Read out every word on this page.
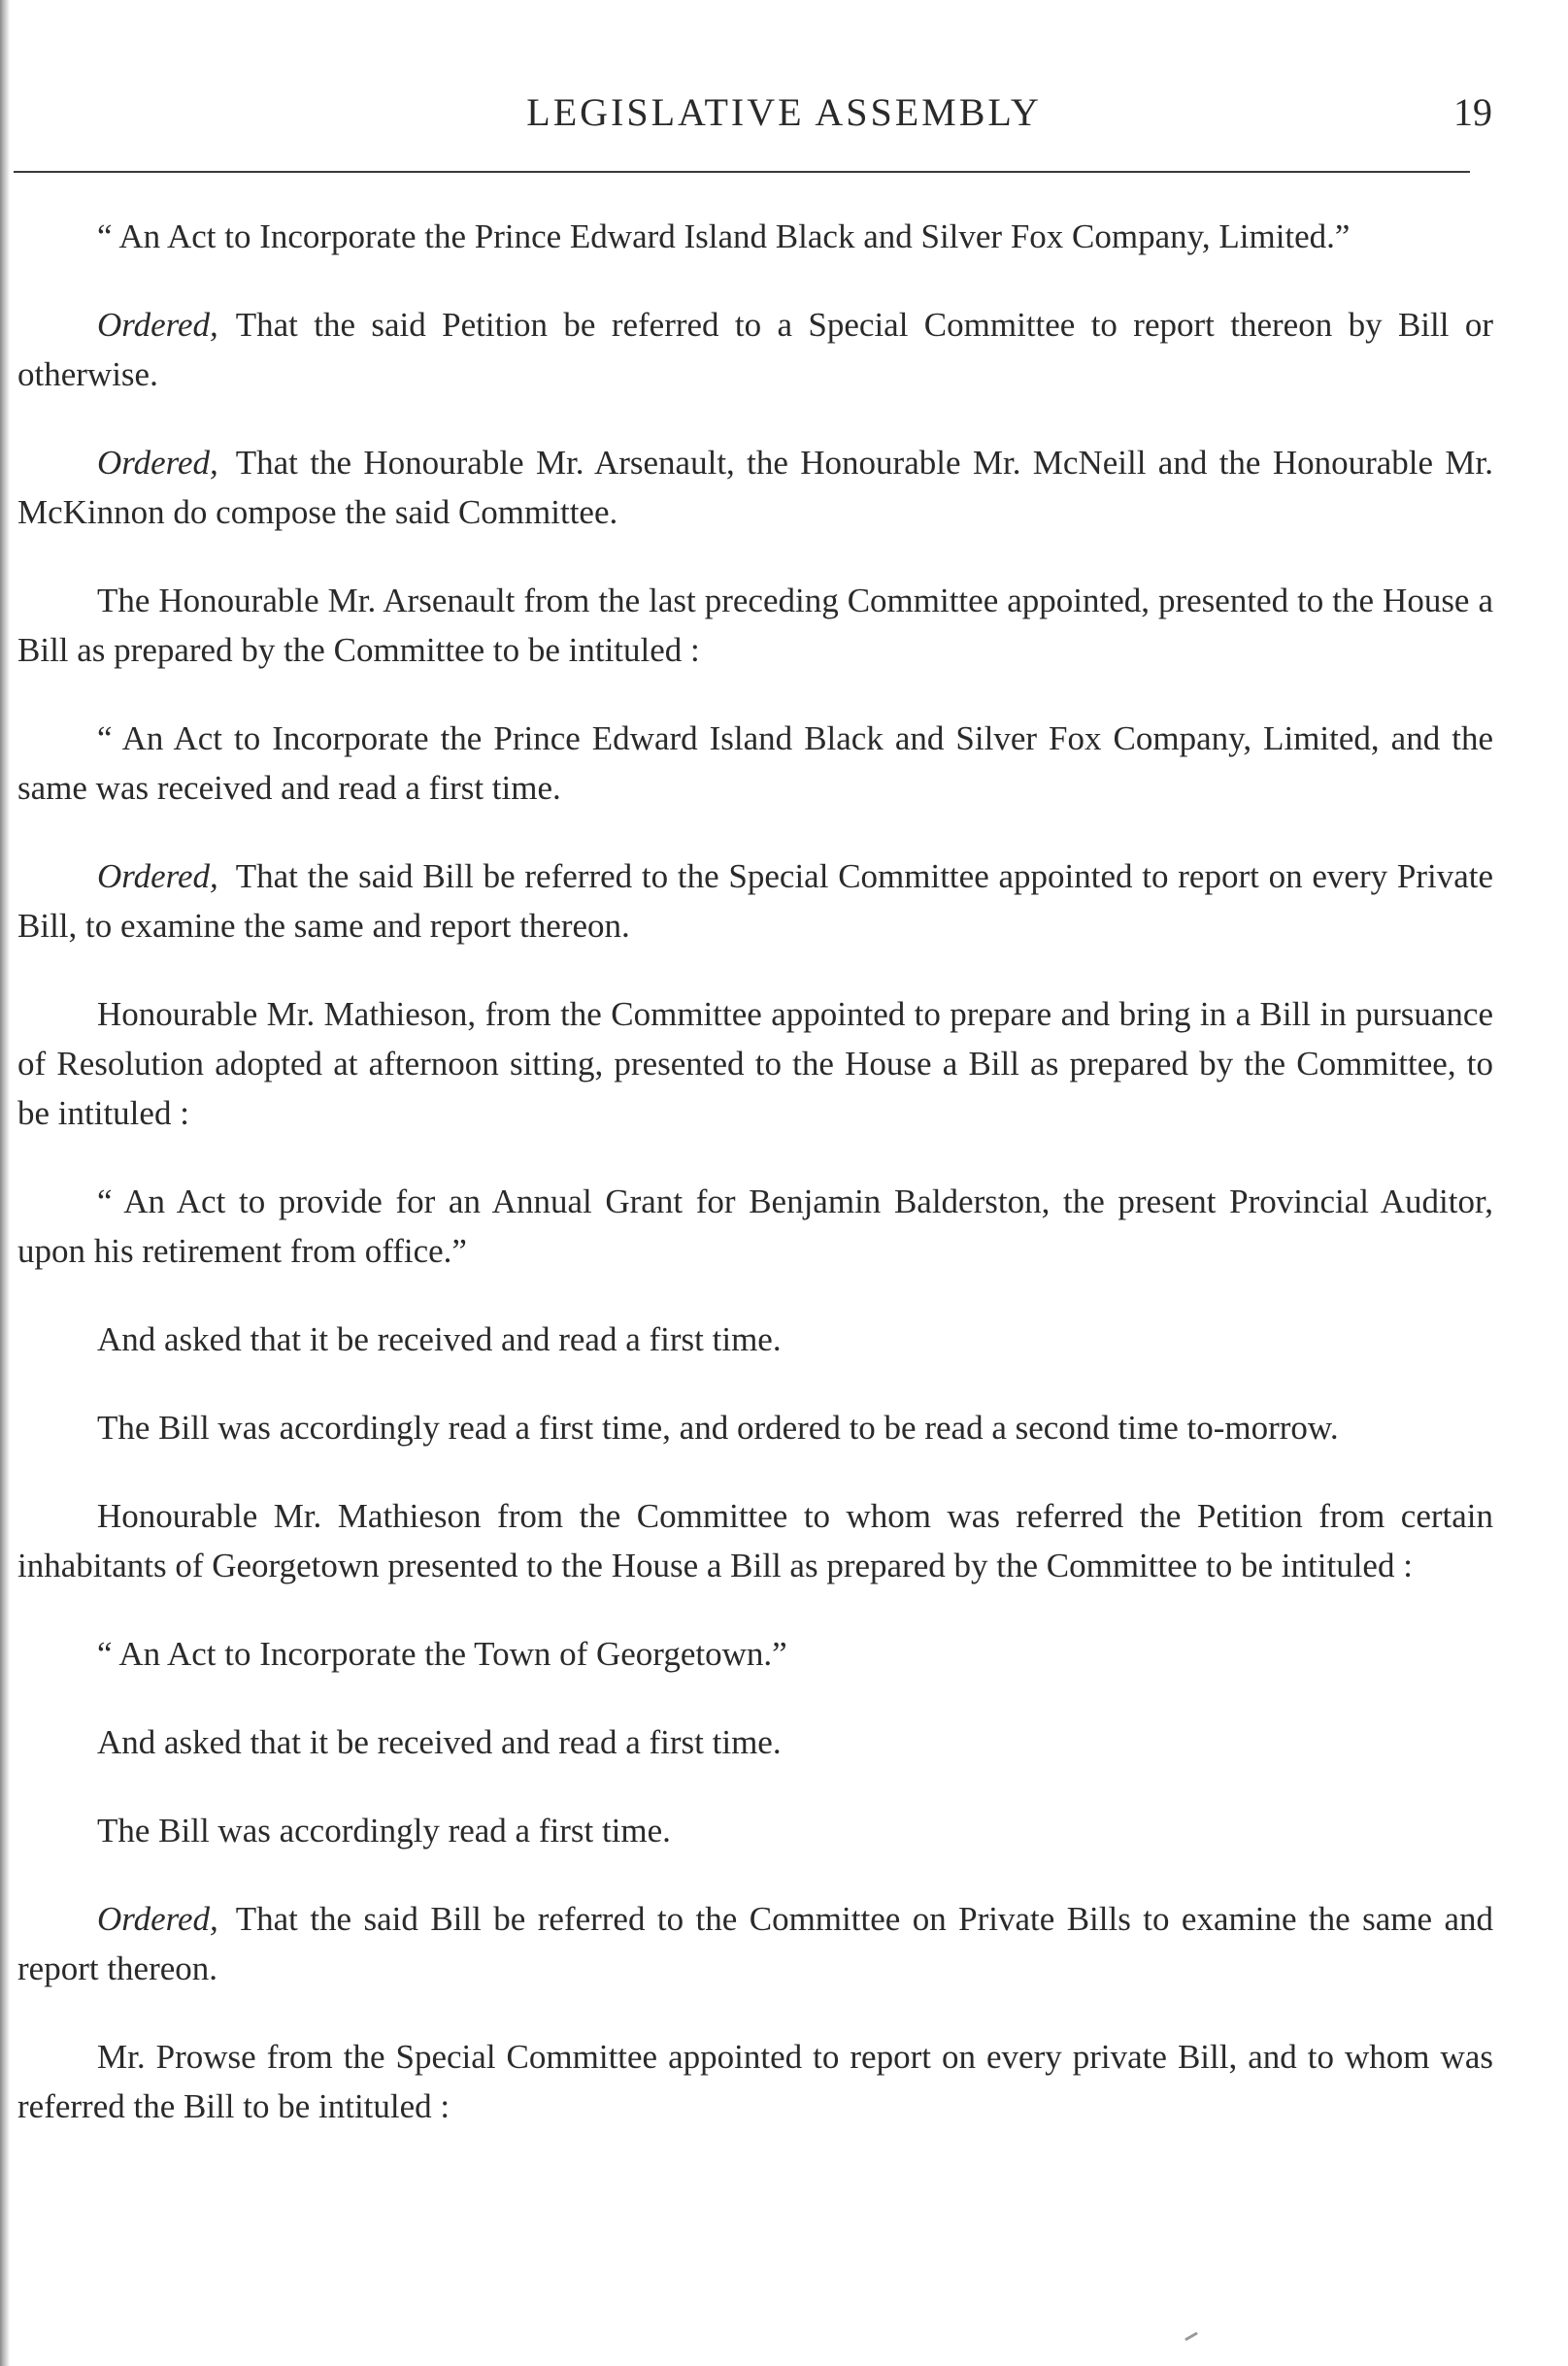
LEGISLATIVE ASSEMBLY	19

“ An Act to Incorporate the Prince Edward Island Black and Silver Fox Company, Limited.”

Ordered, That the said Petition be referred to a Special Committee to report thereon by Bill or otherwise.

Ordered, That the Honourable Mr. Arsenault, the Honourable Mr. McNeill and the Honourable Mr. McKinnon do compose the said Committee.

The Honourable Mr. Arsenault from the last preceding Committee appointed, presented to the House a Bill as prepared by the Committee to be intituled :

“ An Act to Incorporate the Prince Edward Island Black and Silver Fox Company, Limited, and the same was received and read a first time.

Ordered, That the said Bill be referred to the Special Committee appointed to report on every Private Bill, to examine the same and report thereon.

Honourable Mr. Mathieson, from the Committee appointed to prepare and bring in a Bill in pursuance of Resolution adopted at afternoon sitting, presented to the House a Bill as prepared by the Committee, to be intituled :

“ An Act to provide for an Annual Grant for Benjamin Balderston, the present Provincial Auditor, upon his retirement from office.”

And asked that it be received and read a first time.

The Bill was accordingly read a first time, and ordered to be read a second time to-morrow.

Honourable Mr. Mathieson from the Committee to whom was referred the Petition from certain inhabitants of Georgetown presented to the House a Bill as prepared by the Committee to be intituled :

“ An Act to Incorporate the Town of Georgetown.”

And asked that it be received and read a first time.

The Bill was accordingly read a first time.

Ordered, That the said Bill be referred to the Committee on Private Bills to examine the same and report thereon.

Mr. Prowse from the Special Committee appointed to report on every private Bill, and to whom was referred the Bill to be intituled :
